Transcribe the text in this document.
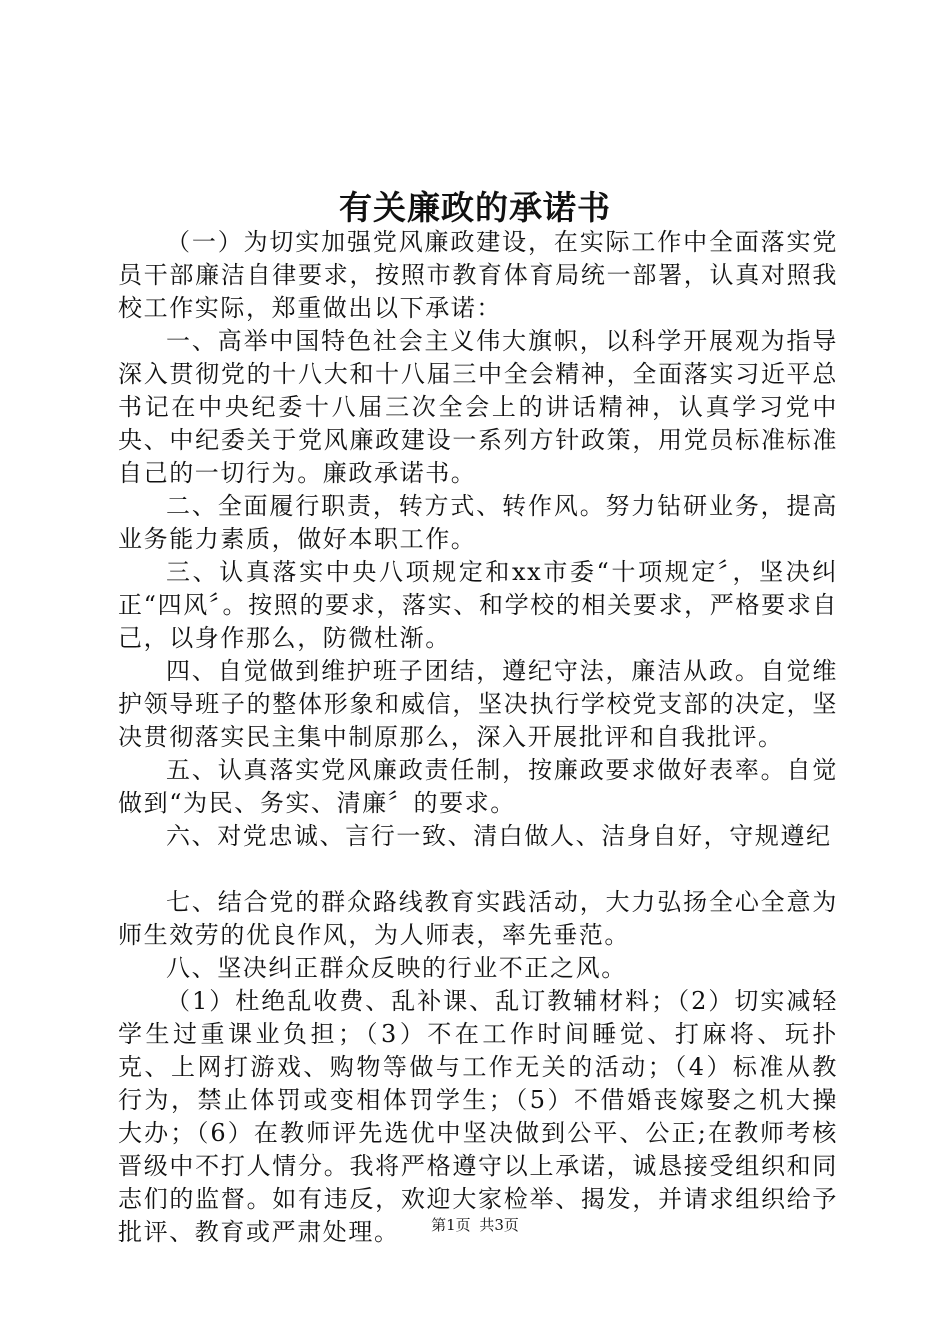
有关廉政的承诺书

（一）为切实加强党风廉政建设，在实际工作中全面落实党员干部廉洁自律要求，按照市教育体育局统一部署，认真对照我校工作实际，郑重做出以下承诺：

一、高举中国特色社会主义伟大旗帜，以科学开展观为指导深入贯彻党的十八大和十八届三中全会精神，全面落实习近平总书记在中央纪委十八届三次全会上的讲话精神，认真学习党中央、中纪委关于党风廉政建设一系列方针政策，用党员标准标准自己的一切行为。廉政承诺书。

二、全面履行职责，转方式、转作风。努力钻研业务，提高业务能力素质，做好本职工作。

三、认真落实中央八项规定和xx市委“十项规定〞，坚决纠正“四风〞。按照的要求，落实、和学校的相关要求，严格要求自己，以身作那么，防微杜渐。

四、自觉做到维护班子团结，遵纪守法，廉洁从政。自觉维护领导班子的整体形象和威信，坚决执行学校党支部的决定，坚决贯彻落实民主集中制原那么，深入开展批评和自我批评。

五、认真落实党风廉政责任制，按廉政要求做好表率。自觉做到“为民、务实、清廉〞的要求。

六、对党忠诚、言行一致、清白做人、洁身自好，守规遵纪

七、结合党的群众路线教育实践活动，大力弘扬全心全意为师生效劳的优良作风，为人师表，率先垂范。

八、坚决纠正群众反映的行业不正之风。

（1）杜绝乱收费、乱补课、乱订教辅材料；（2）切实减轻学生过重课业负担；（3）不在工作时间睡觉、打麻将、玩扑克、上网打游戏、购物等做与工作无关的活动；（4）标准从教行为，禁止体罚或变相体罚学生；（5）不借婚丧嫁娶之机大操大办；（6）在教师评先选优中坚决做到公平、公正;在教师考核晋级中不打人情分。我将严格遵守以上承诺，诚恳接受组织和同志们的监督。如有违反，欢迎大家检举、揭发，并请求组织给予批评、教育或严肃处理。	第1页 共3页
